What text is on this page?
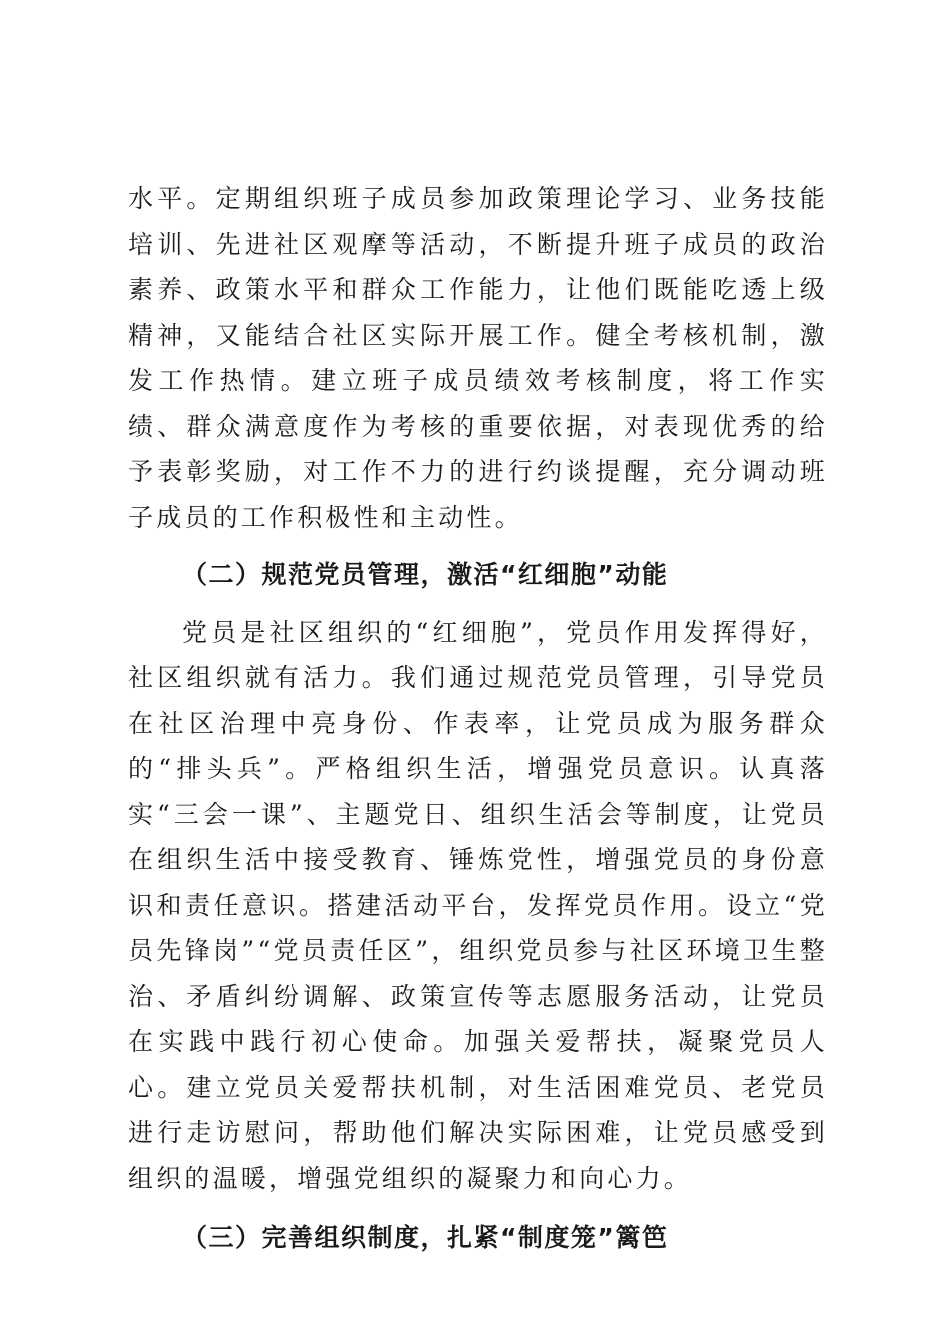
水平。定期组织班子成员参加政策理论学习、业务技能培训、先进社区观摩等活动，不断提升班子成员的政治素养、政策水平和群众工作能力，让他们既能吃透上级精神，又能结合社区实际开展工作。健全考核机制，激发工作热情。建立班子成员绩效考核制度，将工作实绩、群众满意度作为考核的重要依据，对表现优秀的给予表彰奖励，对工作不力的进行约谈提醒，充分调动班子成员的工作积极性和主动性。

（二）规范党员管理，激活“红细胞”动能

党员是社区组织的“红细胞”，党员作用发挥得好，社区组织就有活力。我们通过规范党员管理，引导党员在社区治理中亮身份、作表率，让党员成为服务群众的“排头兵”。严格组织生活，增强党员意识。认真落实“三会一课”、主题党日、组织生活会等制度，让党员在组织生活中接受教育、锤炼党性，增强党员的身份意识和责任意识。搭建活动平台，发挥党员作用。设立“党员先锋岗”“党员责任区”，组织党员参与社区环境卫生整治、矛盾纠纷调解、政策宣传等志愿服务活动，让党员在实践中践行初心使命。加强关爱帮扶，凝聚党员人心。建立党员关爱帮扶机制，对生活困难党员、老党员进行走访慰问，帮助他们解决实际困难，让党员感受到组织的温暖，增强党组织的凝聚力和向心力。

（三）完善组织制度，扎紧“制度笼”篱笆
